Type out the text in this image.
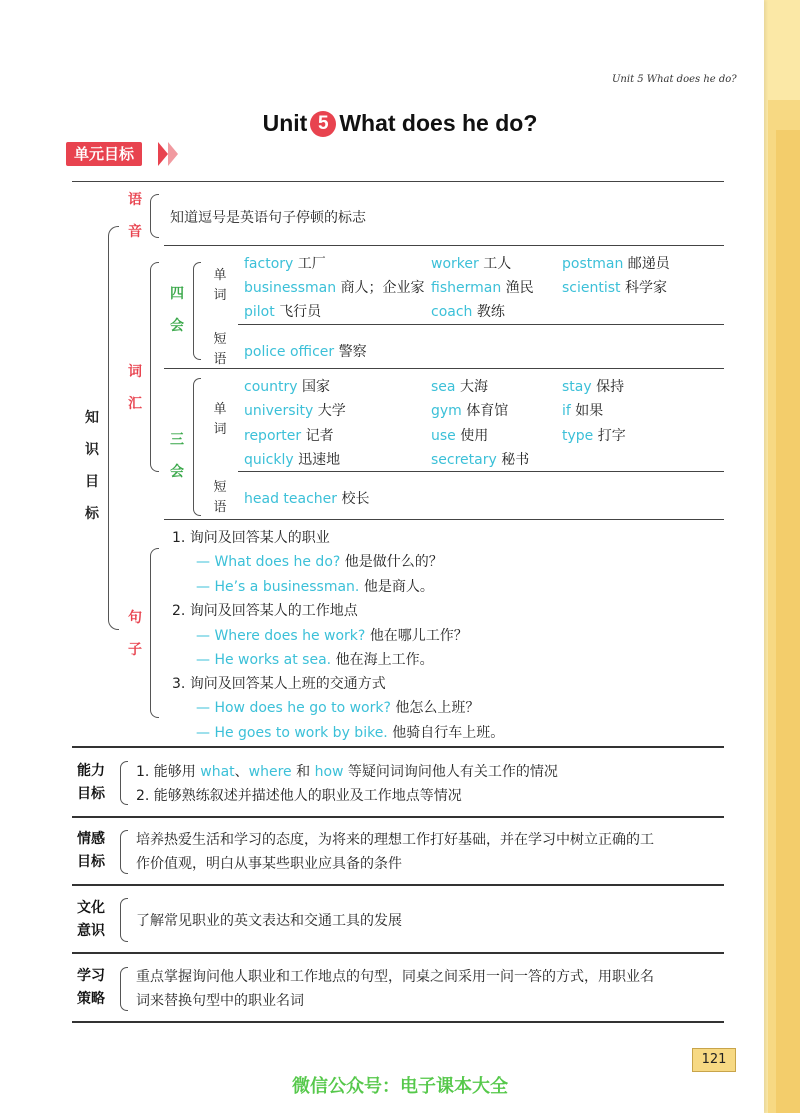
Unit 5 What does he do?
Unit 5 What does he do?
单元目标
知
识
目
标
语
音
知道逗号是英语句子停顿的标志
词
汇
四
会
单
词
短
语
factory 工厂	worker 工人	postman 邮递员
businessman 商人；企业家 fisherman 渔民 scientist 科学家
pilot 飞行员	coach 教练
police officer 警察
三
会
单
词
短
语
country 国家	sea 大海	stay 保持
university 大学	gym 体育馆	if 如果
reporter 记者	use 使用	type 打字
quickly 迅速地	secretary 秘书
head teacher 校长
句
子
1. 询问及回答某人的职业
— What does he do? 他是做什么的？
— He’s a businessman. 他是商人。
2. 询问及回答某人的工作地点
— Where does he work? 他在哪儿工作？
— He works at sea. 他在海上工作。
3. 询问及回答某人上班的交通方式
— How does he go to work? 他怎么上班？
— He goes to work by bike. 他骑自行车上班。
能力
目标
1. 能够用 what、where 和 how 等疑问词询问他人有关工作的情况
2. 能够熟练叙述并描述他人的职业及工作地点等情况
情感
目标
培养热爱生活和学习的态度，为将来的理想工作打好基础，并在学习中树立正确的工
作价值观，明白从事某些职业应具备的条件
文化
意识
了解常见职业的英文表达和交通工具的发展
学习
策略
重点掌握询问他人职业和工作地点的句型，同桌之间采用一问一答的方式，用职业名
词来替换句型中的职业名词
121
微信公众号：电子课本大全
